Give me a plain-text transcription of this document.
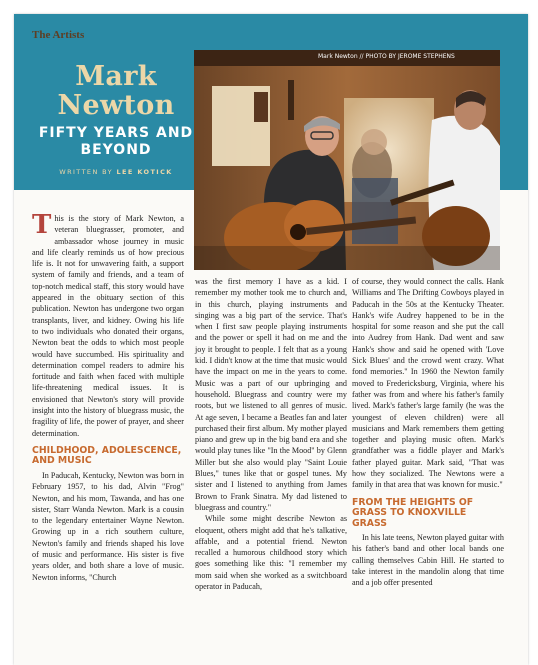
The Artists

Mark Newton
FIFTY YEARS AND BEYOND

WRITTEN BY LEE KOTICK

Mark Newton // PHOTO BY JEROME STEPHENS

This is the story of Mark Newton, a veteran bluegrasser, promoter, and ambassador whose journey in music and life clearly reminds us of how precious life is. It not for unwavering faith, a support system of family and friends, and a team of top-notch medical staff, this story would have appeared in the obituary section of this publication. Newton has undergone two organ transplants, liver, and kidney. Owing his life to two individuals who donated their organs, Newton beat the odds to which most people would have succumbed. His spirituality and determination compel readers to admire his fortitude and faith when faced with multiple life-threatening medical issues. It is envisioned that Newton's story will provide insight into the history of bluegrass music, the fragility of life, the power of prayer, and sheer determination.

CHILDHOOD, ADOLESCENCE, AND MUSIC

In Paducah, Kentucky, Newton was born in February 1957, to his dad, Alvin "Frog" Newton, and his mom, Tawanda, and has one sister, Starr Wanda Newton. Mark is a cousin to the legendary entertainer Wayne Newton. Growing up in a rich southern culture, Newton's family and friends shaped his love of music and performance. His sister is five years older, and both share a love of music. Newton informs, "Church

was the first memory I have as a kid. I remember my mother took me to church and, in this church, playing instruments and singing was a big part of the service. That's when I first saw people playing instruments and the power or spell it had on me and the joy it brought to people. I felt that as a young kid. I didn't know at the time that music would have the impact on me in the years to come. Music was a part of our upbringing and household. Bluegrass and country were my roots, but we listened to all genres of music. At age seven, I became a Beatles fan and later purchased their first album. My mother played piano and grew up in the big band era and she would play tunes like "In the Mood" by Glenn Miller but she also would play "Saint Louie Blues," tunes like that or gospel tunes. My sister and I listened to anything from James Brown to Frank Sinatra. My dad listened to bluegrass and country."

While some might describe Newton as eloquent, others might add that he's talkative, affable, and a potential friend. Newton recalled a humorous childhood story which goes something like this: "I remember my mom said when she worked as a switchboard operator in Paducah,

of course, they would connect the calls. Hank Williams and The Drifting Cowboys played in Paducah in the 50s at the Kentucky Theater. Hank's wife Audrey happened to be in the hospital for some reason and she put the call into Audrey from Hank. Dad went and saw Hank's show and said he opened with 'Love Sick Blues' and the crowd went crazy. What fond memories." In 1960 the Newton family moved to Fredericksburg, Virginia, where his father was from and where his father's family lived. Mark's father's large family (he was the youngest of eleven children) were all musicians and Mark remembers them getting together and playing music often. Mark's grandfather was a fiddle player and Mark's father played guitar. Mark said, "That was how they socialized. The Newtons were a family in that area that was known for music."

FROM THE HEIGHTS OF GRASS TO KNOXVILLE GRASS

In his late teens, Newton played guitar with his father's band and other local bands one calling themselves Cabin Hill. He started to take interest in the mandolin along that time and a job offer presented
